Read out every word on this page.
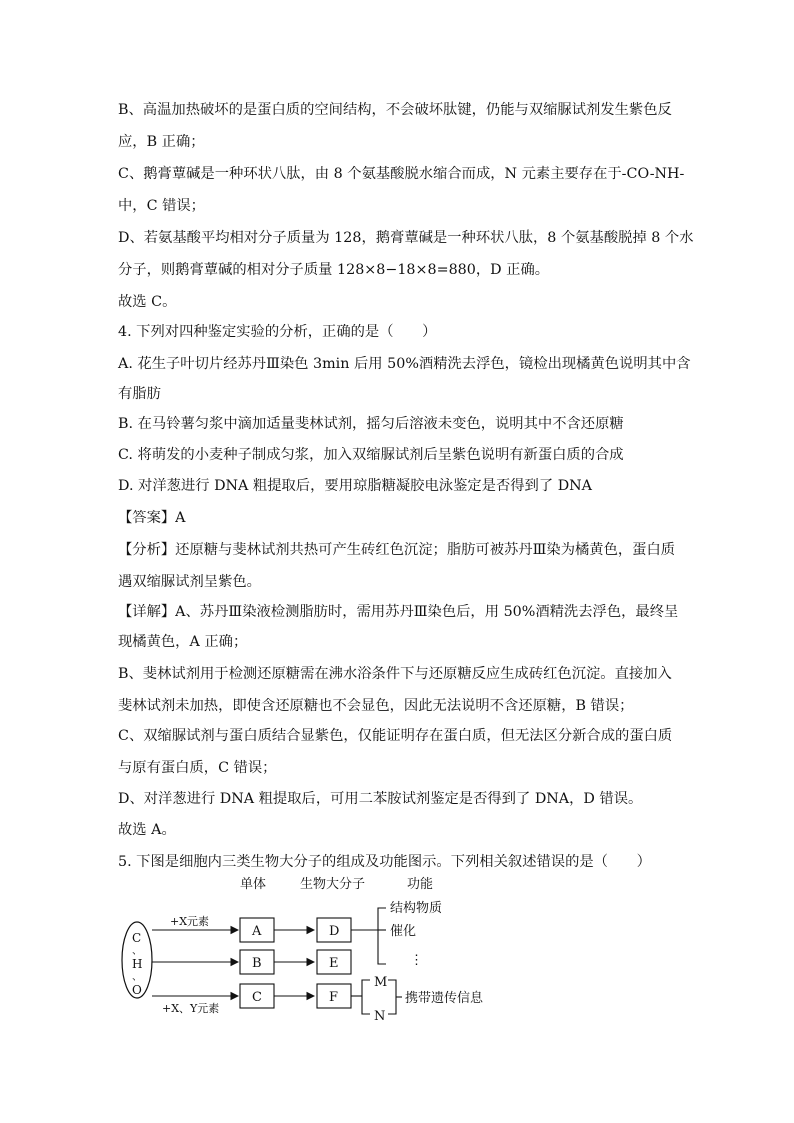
B、高温加热破坏的是蛋白质的空间结构，不会破坏肽键，仍能与双缩脲试剂发生紫色反
应，B 正确；
C、鹅膏蕈碱是一种环状八肽，由 8 个氨基酸脱水缩合而成，N 元素主要存在于-CO-NH-
中，C 错误；
D、若氨基酸平均相对分子质量为 128，鹅膏蕈碱是一种环状八肽，8 个氨基酸脱掉 8 个水
分子，则鹅膏蕈碱的相对分子质量 128×8−18×8=880，D 正确。
故选 C。
4. 下列对四种鉴定实验的分析，正确的是（　　）
A. 花生子叶切片经苏丹Ⅲ染色 3min 后用 50%酒精洗去浮色，镜检出现橘黄色说明其中含
有脂肪
B. 在马铃薯匀浆中滴加适量斐林试剂，摇匀后溶液未变色，说明其中不含还原糖
C. 将萌发的小麦种子制成匀浆，加入双缩脲试剂后呈紫色说明有新蛋白质的合成
D. 对洋葱进行 DNA 粗提取后，要用琼脂糖凝胶电泳鉴定是否得到了 DNA
【答案】A
【分析】还原糖与斐林试剂共热可产生砖红色沉淀；脂肪可被苏丹Ⅲ染为橘黄色，蛋白质
遇双缩脲试剂呈紫色。
【详解】A、苏丹Ⅲ染液检测脂肪时，需用苏丹Ⅲ染色后，用 50%酒精洗去浮色，最终呈
现橘黄色，A 正确；
B、斐林试剂用于检测还原糖需在沸水浴条件下与还原糖反应生成砖红色沉淀。直接加入
斐林试剂未加热，即使含还原糖也不会显色，因此无法说明不含还原糖，B 错误；
C、双缩脲试剂与蛋白质结合显紫色，仅能证明存在蛋白质，但无法区分新合成的蛋白质
与原有蛋白质，C 错误；
D、对洋葱进行 DNA 粗提取后，可用二苯胺试剂鉴定是否得到了 DNA，D 错误。
故选 A。
5. 下图是细胞内三类生物大分子的组成及功能图示。下列相关叙述错误的是（　　）
单体	生物大分子	功能
C
、
H
、
O
+X元素
+X、Y元素
A
B
C
D
E
F
结构物质
催化
⋮
M
N
携带遗传信息
